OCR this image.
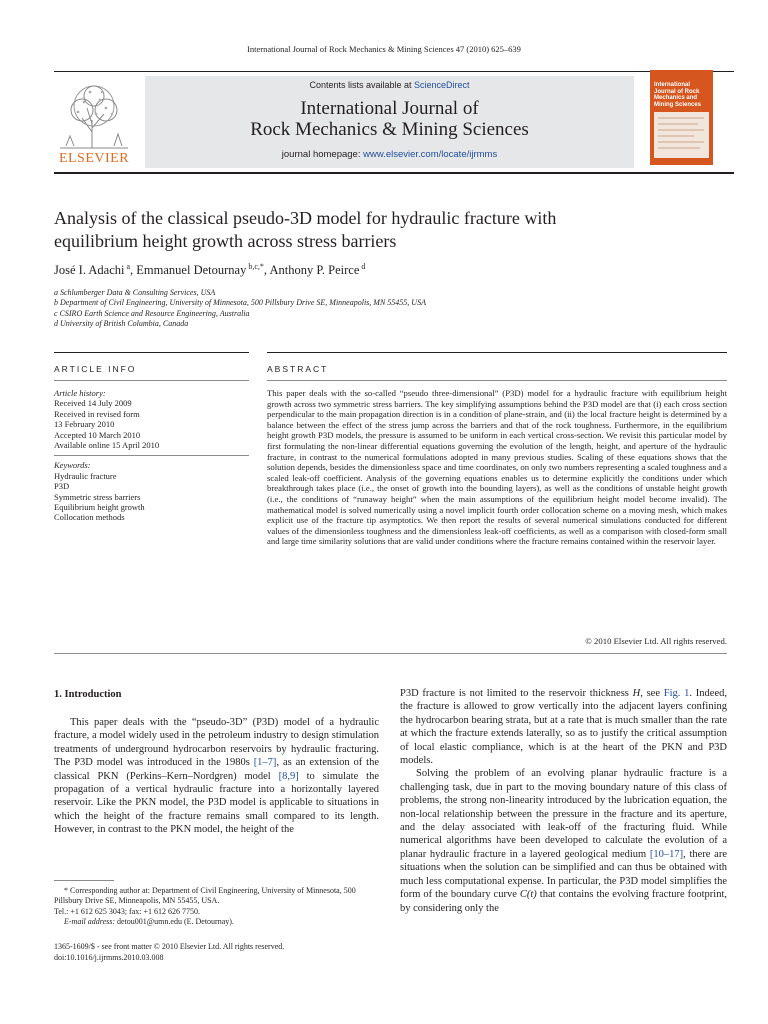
International Journal of Rock Mechanics & Mining Sciences 47 (2010) 625–639
ELSEVIER
Contents lists available at ScienceDirect
International Journal of
Rock Mechanics & Mining Sciences
journal homepage: www.elsevier.com/locate/ijrmms
International Journal of Rock Mechanics and Mining Sciences
Analysis of the classical pseudo-3D model for hydraulic fracture with
equilibrium height growth across stress barriers
José I. Adachi $^a$, Emmanuel Detournay $^{b,c,*}$, Anthony P. Peirce $^d$
a Schlumberger Data & Consulting Services, USA
b Department of Civil Engineering, University of Minnesota, 500 Pillsbury Drive SE, Minneapolis, MN 55455, USA
c CSIRO Earth Science and Resource Engineering, Australia
d University of British Columbia, Canada
ARTICLE INFO	ABSTRACT
Article history:
Received 14 July 2009
Received in revised form
13 February 2010
Accepted 10 March 2010
Available online 15 April 2010
Keywords:
Hydraulic fracture
P3D
Symmetric stress barriers
Equilibrium height growth
Collocation methods
This paper deals with the so-called “pseudo three-dimensional” (P3D) model for a hydraulic fracture with equilibrium height growth across two symmetric stress barriers. The key simplifying assumptions behind the P3D model are that (i) each cross section perpendicular to the main propagation direction is in a condition of plane-strain, and (ii) the local fracture height is determined by a balance between the effect of the stress jump across the barriers and that of the rock toughness. Furthermore, in the equilibrium height growth P3D models, the pressure is assumed to be uniform in each vertical cross-section. We revisit this particular model by first formulating the non-linear differential equations governing the evolution of the length, height, and aperture of the hydraulic fracture, in contrast to the numerical formulations adopted in many previous studies. Scaling of these equations shows that the solution depends, besides the dimensionless space and time coordinates, on only two numbers representing a scaled toughness and a scaled leak-off coefficient. Analysis of the governing equations enables us to determine explicitly the conditions under which breakthrough takes place (i.e., the onset of growth into the bounding layers), as well as the conditions of unstable height growth (i.e., the conditions of “runaway height” when the main assumptions of the equilibrium height model become invalid). The mathematical model is solved numerically using a novel implicit fourth order collocation scheme on a moving mesh, which makes explicit use of the fracture tip asymptotics. We then report the results of several numerical simulations conducted for different values of the dimensionless toughness and the dimensionless leak-off coefficients, as well as a comparison with closed-form small and large time similarity solutions that are valid under conditions where the fracture remains contained within the reservoir layer.
© 2010 Elsevier Ltd. All rights reserved.
1. Introduction

This paper deals with the “pseudo-3D” (P3D) model of a hydraulic fracture, a model widely used in the petroleum industry to design stimulation treatments of underground hydrocarbon reservoirs by hydraulic fracturing. The P3D model was introduced in the 1980s [1–7], as an extension of the classical PKN (Perkins–Kern–Nordgren) model [8,9] to simulate the propagation of a vertical hydraulic fracture into a horizontally layered reservoir. Like the PKN model, the P3D model is applicable to situations in which the height of the fracture remains small compared to its length. However, in contrast to the PKN model, the height of the

* Corresponding author at: Department of Civil Engineering, University of Minnesota, 500 Pillsbury Drive SE, Minneapolis, MN 55455, USA.

Tel.: +1 612 625 3043; fax: +1 612 626 7750.

E-mail address: detou001@umn.edu (E. Detournay).

1365-1609/$ - see front matter © 2010 Elsevier Ltd. All rights reserved.
doi:10.1016/j.ijrmms.2010.03.008

P3D fracture is not limited to the reservoir thickness H, see Fig. 1. Indeed, the fracture is allowed to grow vertically into the adjacent layers confining the hydrocarbon bearing strata, but at a rate that is much smaller than the rate at which the fracture extends laterally, so as to justify the critical assumption of local elastic compliance, which is at the heart of the PKN and P3D models.

Solving the problem of an evolving planar hydraulic fracture is a challenging task, due in part to the moving boundary nature of this class of problems, the strong non-linearity introduced by the lubrication equation, the non-local relationship between the pressure in the fracture and its aperture, and the delay associated with leak-off of the fracturing fluid. While numerical algorithms have been developed to calculate the evolution of a planar hydraulic fracture in a layered geological medium [10–17], there are situations when the solution can be simplified and can thus be obtained with much less computational expense. In particular, the P3D model simplifies the form of the boundary curve C(t) that contains the evolving fracture footprint, by considering only the
